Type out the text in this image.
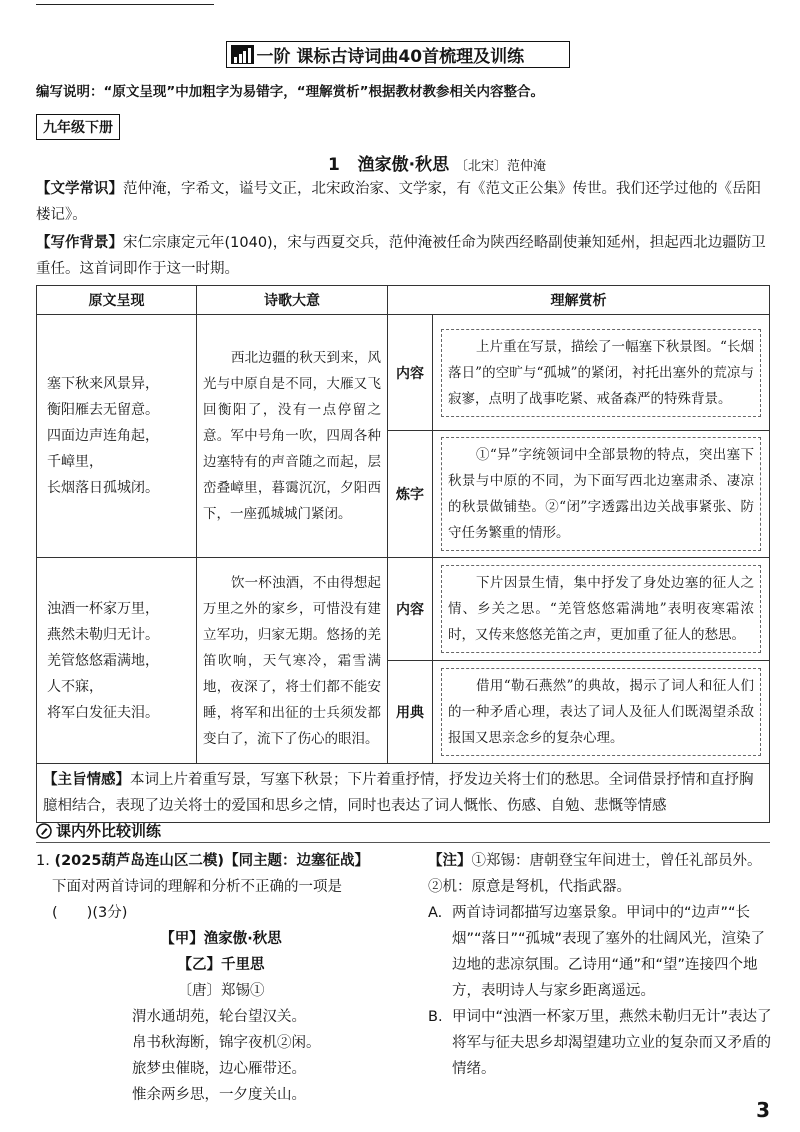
一阶 课标古诗词曲40首梳理及训练
编写说明：“原文呈现”中加粗字为易错字，“理解赏析”根据教材教参相关内容整合。
九年级下册
1 渔家傲·秋思 〔北宋〕范仲淹
【文学常识】范仲淹，字希文，谥号文正，北宋政治家、文学家，有《范文正公集》传世。我们还学过他的《岳阳楼记》。
【写作背景】宋仁宗康定元年(1040)，宋与西夏交兵，范仲淹被任命为陕西经略副使兼知延州，担起西北边疆防卫重任。这首词即作于这一时期。
原文呈现	诗歌大意	理解赏析	

塞下秋来风景异，
衡阳雁去无留意。
四面边声连角起，
千嶂里，
长烟落日孤城闭。	西北边疆的秋天到来，风光与中原自是不同，大雁又飞回衡阳了，没有一点停留之意。军中号角一吹，四周各种边塞特有的声音随之而起，层峦叠嶂里，暮霭沉沉，夕阳西下，一座孤城城门紧闭。	内容	上片重在写景，描绘了一幅塞下秋景图。“长烟落日”的空旷与“孤城”的紧闭，衬托出塞外的荒凉与寂寥，点明了战事吃紧、戒备森严的特殊背景。

		炼字	①“异”字统领词中全部景物的特点，突出塞下秋景与中原的不同，为下面写西北边塞肃杀、凄凉的秋景做铺垫。②“闭”字透露出边关战事紧张、防守任务繁重的情形。

浊酒一杯家万里，
燕然未勒归无计。
羌管悠悠霜满地，
人不寐，
将军白发征夫泪。	饮一杯浊酒，不由得想起万里之外的家乡，可惜没有建立军功，归家无期。悠扬的羌笛吹响，天气寒冷，霜雪满地，夜深了，将士们都不能安睡，将军和出征的士兵须发都变白了，流下了伤心的眼泪。	内容	下片因景生情，集中抒发了身处边塞的征人之情、乡关之思。“羌管悠悠霜满地”表明夜寒霜浓时，又传来悠悠羌笛之声，更加重了征人的愁思。

		用典	借用“勒石燕然”的典故，揭示了词人和征人们的一种矛盾心理，表达了词人及征人们既渴望杀敌报国又思亲念乡的复杂心理。

【主旨情感】本词上片着重写景，写塞下秋景；下片着重抒情，抒发边关将士们的愁思。全词借景抒情和直抒胸臆相结合，表现了边关将士的爱国和思乡之情，同时也表达了词人慨怅、伤感、自勉、悲慨等情感			
课内外比较训练
1. (2025葫芦岛连山区二模)【同主题：边塞征战】
下面对两首诗词的理解和分析不正确的一项是
(　　)(3分)
【甲】渔家傲·秋思
【乙】千里思
〔唐〕郑锡①
渭水通胡苑，轮台望汉关。
帛书秋海断，锦字夜机②闲。
旅梦虫催晓，边心雁带还。
惟余两乡思，一夕度关山。
【注】①郑锡：唐朝登宝年间进士，曾任礼部员外。②机：原意是弩机，代指武器。
A. 两首诗词都描写边塞景象。甲词中的“边声”“长烟”“落日”“孤城”表现了塞外的壮阔风光，渲染了边地的悲凉氛围。乙诗用“通”和“望”连接四个地方，表明诗人与家乡距离遥远。
B. 甲词中“浊酒一杯家万里，燕然未勒归无计”表达了将军与征夫思乡却渴望建功立业的复杂而又矛盾的情绪。
3
